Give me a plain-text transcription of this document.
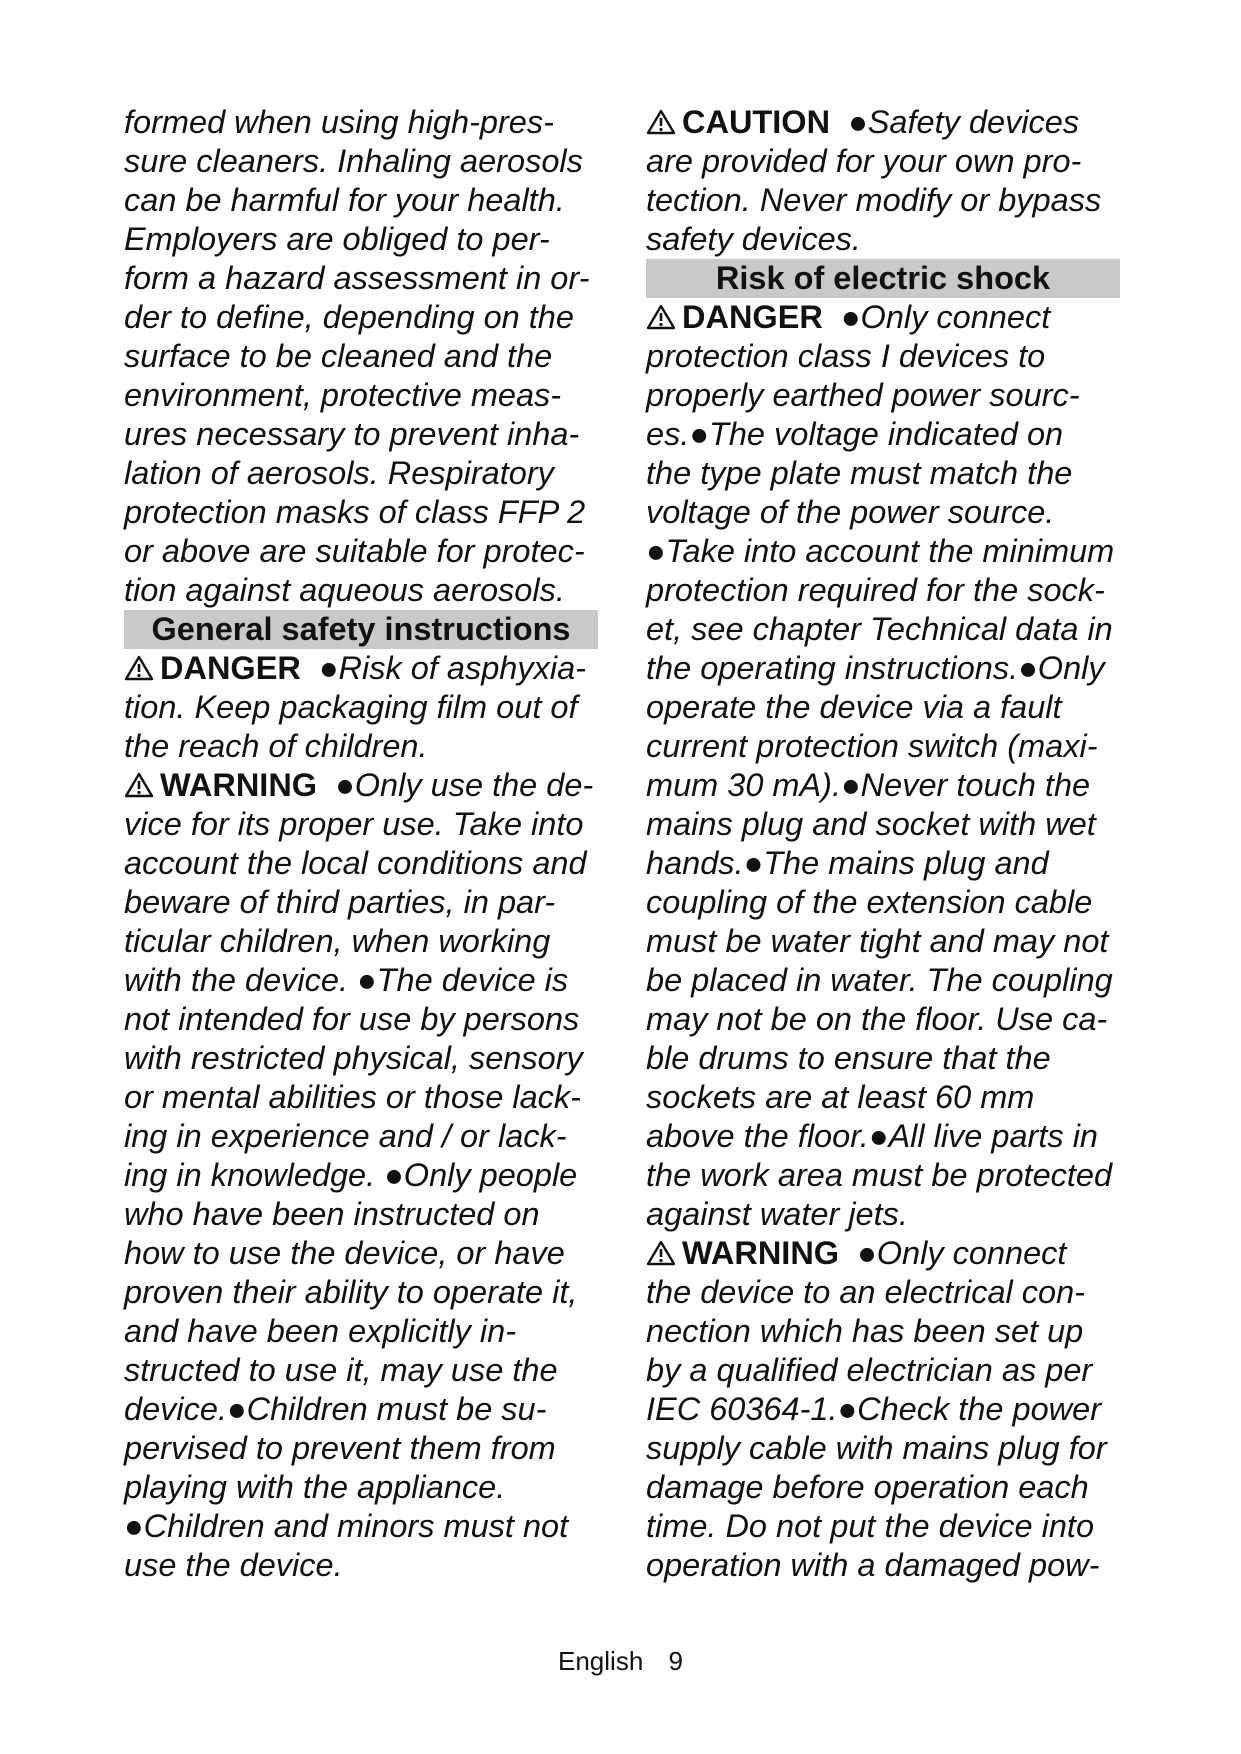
formed when using high-pres-
sure cleaners. Inhaling aerosols
can be harmful for your health.
Employers are obliged to per-
form a hazard assessment in or-
der to define, depending on the
surface to be cleaned and the
environment, protective meas-
ures necessary to prevent inha-
lation of aerosols. Respiratory
protection masks of class FFP 2
or above are suitable for protec-
tion against aqueous aerosols.
General safety instructions
DANGER  ●Risk of asphyxia-
tion. Keep packaging film out of
the reach of children.
WARNING  ●Only use the de-
vice for its proper use. Take into
account the local conditions and
beware of third parties, in par-
ticular children, when working
with the device. ●The device is
not intended for use by persons
with restricted physical, sensory
or mental abilities or those lack-
ing in experience and / or lack-
ing in knowledge. ●Only people
who have been instructed on
how to use the device, or have
proven their ability to operate it,
and have been explicitly in-
structed to use it, may use the
device.●Children must be su-
pervised to prevent them from
playing with the appliance.
●Children and minors must not
use the device.
CAUTION  ●Safety devices
are provided for your own pro-
tection. Never modify or bypass
safety devices.
Risk of electric shock
DANGER  ●Only connect
protection class I devices to
properly earthed power sourc-
es.●The voltage indicated on
the type plate must match the
voltage of the power source.
●Take into account the minimum
protection required for the sock-
et, see chapter Technical data in
the operating instructions.●Only
operate the device via a fault
current protection switch (maxi-
mum 30 mA).●Never touch the
mains plug and socket with wet
hands.●The mains plug and
coupling of the extension cable
must be water tight and may not
be placed in water. The coupling
may not be on the floor. Use ca-
ble drums to ensure that the
sockets are at least 60 mm
above the floor.●All live parts in
the work area must be protected
against water jets.
WARNING  ●Only connect
the device to an electrical con-
nection which has been set up
by a qualified electrician as per
IEC 60364-1.●Check the power
supply cable with mains plug for
damage before operation each
time. Do not put the device into
operation with a damaged pow-
English 9
